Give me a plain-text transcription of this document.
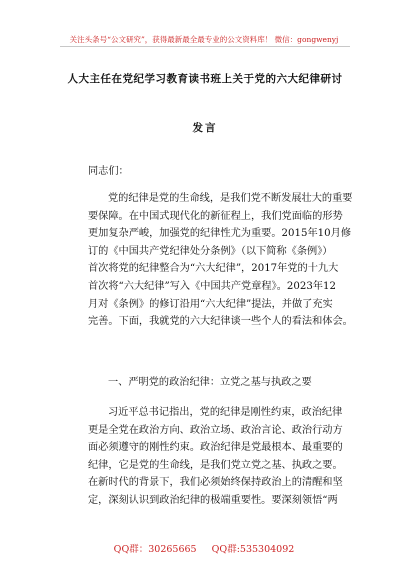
关注头条号“公文研究”，获得最新最全最专业的公文资料库！ 微信：gongwenyj
人大主任在党纪学习教育读书班上关于党的六大纪律研讨
发言
同志们：
党的纪律是党的生命线，是我们党不断发展壮大的重要
要保障。在中国式现代化的新征程上，我们党面临的形势
更加复杂严峻，加强党的纪律性尤为重要。2015年10月修
订的《中国共产党纪律处分条例》（以下简称《条例》）
首次将党的纪律整合为“六大纪律”，2017年党的十九大
首次将“六大纪律”写入《中国共产党章程》。2023年12
月对《条例》的修订沿用“六大纪律”提法，并做了充实
完善。下面，我就党的六大纪律谈一些个人的看法和体会。
一、严明党的政治纪律：立党之基与执政之要
习近平总书记指出，党的纪律是刚性约束，政治纪律
更是全党在政治方向、政治立场、政治言论、政治行动方
面必须遵守的刚性约束。政治纪律是党最根本、最重要的
纪律，它是党的生命线，是我们党立党之基、执政之要。
在新时代的背景下，我们必须始终保持政治上的清醒和坚
定，深刻认识到政治纪律的极端重要性。要深刻领悟“两
QQ群：30265665 QQ群:535304092
